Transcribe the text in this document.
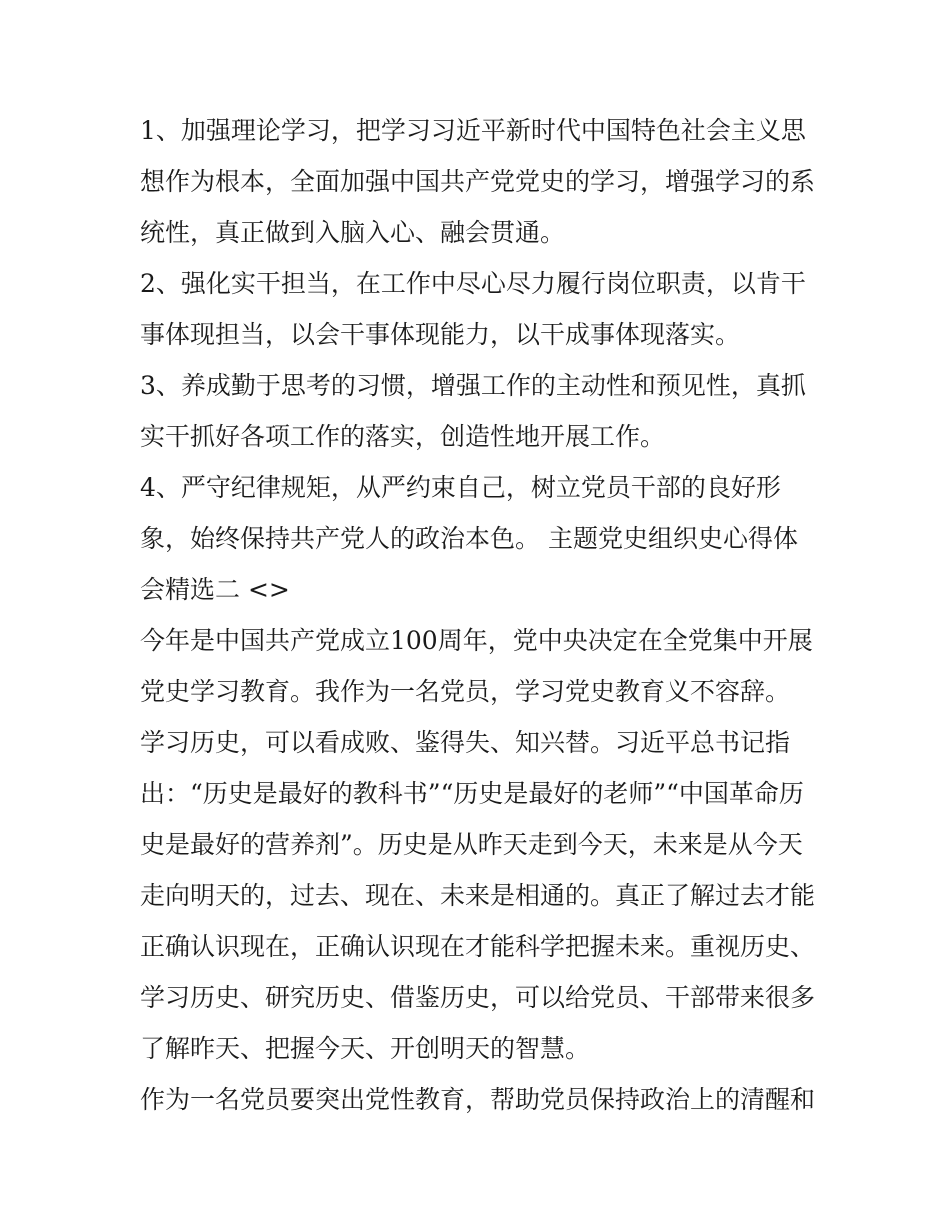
1、加强理论学习，把学习习近平新时代中国特色社会主义思
想作为根本，全面加强中国共产党党史的学习，增强学习的系
统性，真正做到入脑入心、融会贯通。
2、强化实干担当，在工作中尽心尽力履行岗位职责，以肯干
事体现担当，以会干事体现能力，以干成事体现落实。
3、养成勤于思考的习惯，增强工作的主动性和预见性，真抓
实干抓好各项工作的落实，创造性地开展工作。
4、严守纪律规矩，从严约束自己，树立党员干部的良好形
象，始终保持共产党人的政治本色。 主题党史组织史心得体
会精选二 <>
今年是中国共产党成立100周年，党中央决定在全党集中开展
党史学习教育。我作为一名党员，学习党史教育义不容辞。
学习历史，可以看成败、鉴得失、知兴替。习近平总书记指
出：“历史是最好的教科书”“历史是最好的老师”“中国革命历
史是最好的营养剂”。历史是从昨天走到今天，未来是从今天
走向明天的，过去、现在、未来是相通的。真正了解过去才能
正确认识现在，正确认识现在才能科学把握未来。重视历史、
学习历史、研究历史、借鉴历史，可以给党员、干部带来很多
了解昨天、把握今天、开创明天的智慧。
作为一名党员要突出党性教育，帮助党员保持政治上的清醒和
